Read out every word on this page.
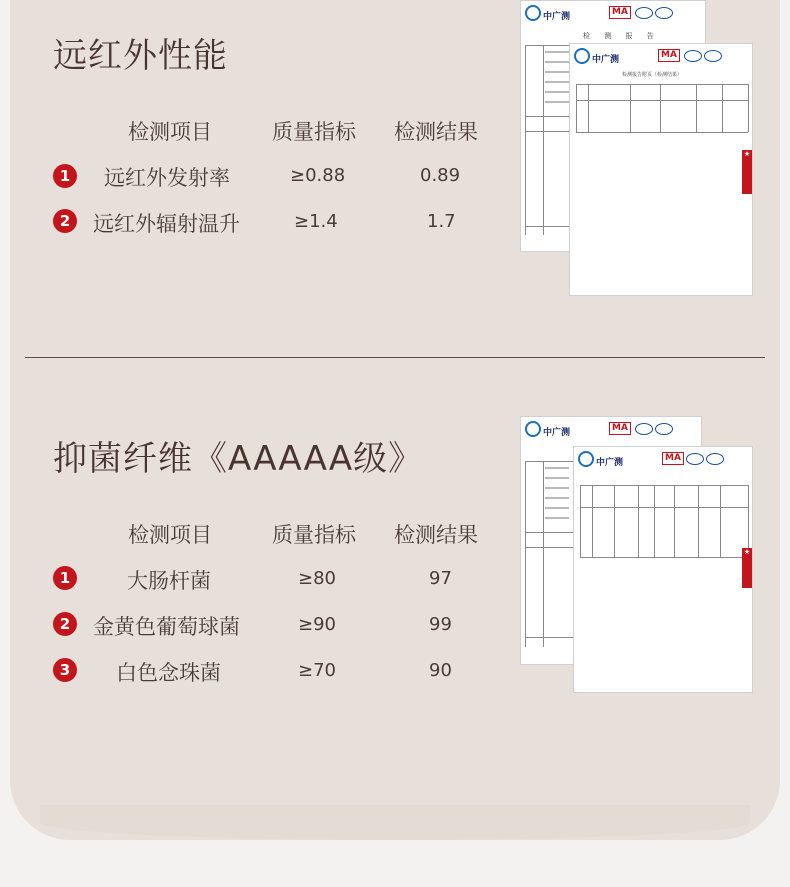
远红外性能
检测项目	质量指标 检测结果
1	远红外发射率	≥0.88	0.89
2	远红外辐射温升	≥1.4	1.7
中广测	MA
检 测 报 告
中广测	MA
检测报告附页（检测结果）
★
抑菌纤维《AAAAA级》
检测项目	质量指标 检测结果
1	大肠杆菌	≥80	97
2	金黄色葡萄球菌	≥90	99
3	白色念珠菌	≥70	90
中广测	MA
中广测	MA
★
